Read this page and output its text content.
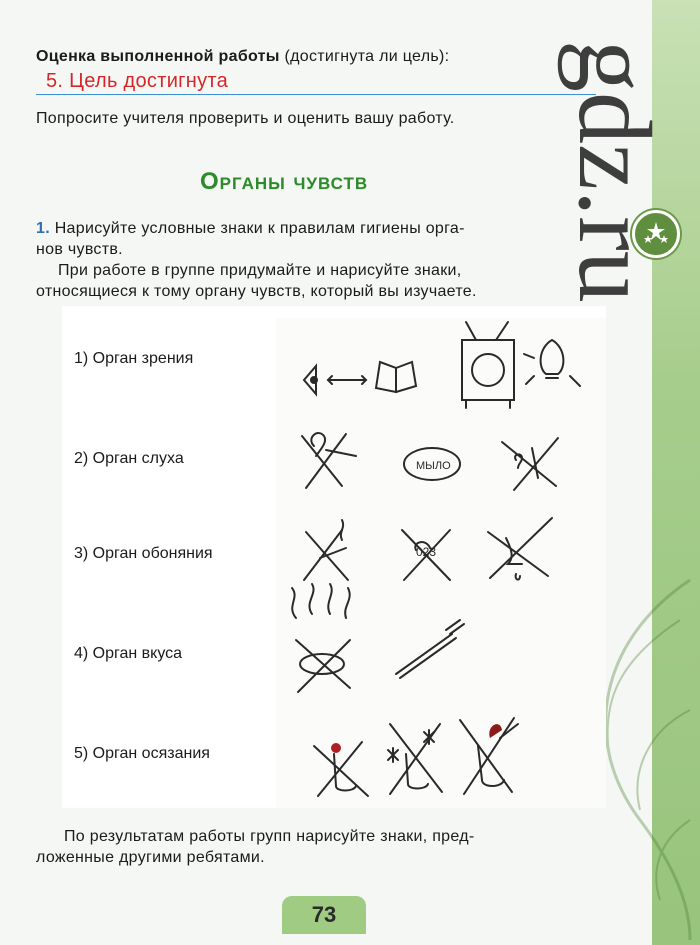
Оценка выполненной работы (достигнута ли цель):
5. Цель достигнута
Попросите учителя проверить и оценить вашу работу.
Органы чувств
1. Нарисуйте условные знаки к правилам гигиены орга-
нов чувств.
При работе в группе придумайте и нарисуйте знаки,
относящиеся к тому органу чувств, который вы изучаете.
1) Орган зрения
2) Орган слуха
3) Орган обоняния
4) Орган вкуса
5) Орган осязания
МЫЛО
023
По результатам работы групп нарисуйте знаки, пред-
ложенные другими ребятами.
73
gdz.ru
